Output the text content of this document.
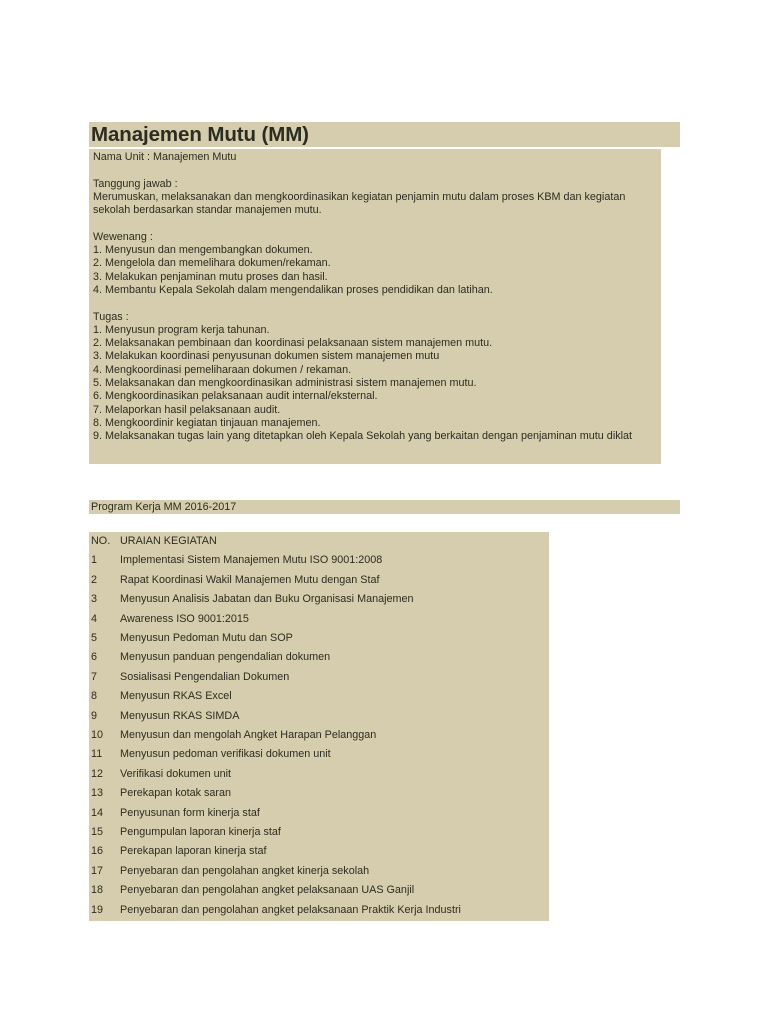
Manajemen Mutu (MM)
Nama Unit : Manajemen Mutu
Tanggung jawab :
Merumuskan, melaksanakan dan mengkoordinasikan kegiatan penjamin mutu dalam proses KBM dan kegiatan
sekolah berdasarkan standar manajemen mutu.
Wewenang :
1. Menyusun dan mengembangkan dokumen.
2. Mengelola dan memelihara dokumen/rekaman.
3. Melakukan penjaminan mutu proses dan hasil.
4. Membantu Kepala Sekolah dalam mengendalikan proses pendidikan dan latihan.
Tugas :
1. Menyusun program kerja tahunan.
2. Melaksanakan pembinaan dan koordinasi pelaksanaan sistem manajemen mutu.
3. Melakukan koordinasi penyusunan dokumen sistem manajemen mutu
4. Mengkoordinasi pemeliharaan dokumen / rekaman.
5. Melaksanakan dan mengkoordinasikan administrasi sistem manajemen mutu.
6. Mengkoordinasikan pelaksanaan audit internal/eksternal.
7. Melaporkan hasil pelaksanaan audit.
8. Mengkoordinir kegiatan tinjauan manajemen.
9. Melaksanakan tugas lain yang ditetapkan oleh Kepala Sekolah yang berkaitan dengan penjaminan mutu diklat
Program Kerja MM 2016-2017
NO. URAIAN KEGIATAN
1 Implementasi Sistem Manajemen Mutu ISO 9001:2008
2 Rapat Koordinasi Wakil Manajemen Mutu dengan Staf
3 Menyusun Analisis Jabatan dan Buku Organisasi Manajemen
4 Awareness ISO 9001:2015
5 Menyusun Pedoman Mutu dan SOP
6 Menyusun panduan pengendalian dokumen
7 Sosialisasi Pengendalian Dokumen
8 Menyusun RKAS Excel
9 Menyusun RKAS SIMDA
10 Menyusun dan mengolah Angket Harapan Pelanggan
11 Menyusun pedoman verifikasi dokumen unit
12 Verifikasi dokumen unit
13 Perekapan kotak saran
14 Penyusunan form kinerja staf
15 Pengumpulan laporan kinerja staf
16 Perekapan laporan kinerja staf
17 Penyebaran dan pengolahan angket kinerja sekolah
18 Penyebaran dan pengolahan angket pelaksanaan UAS Ganjil
19 Penyebaran dan pengolahan angket pelaksanaan Praktik Kerja Industri
